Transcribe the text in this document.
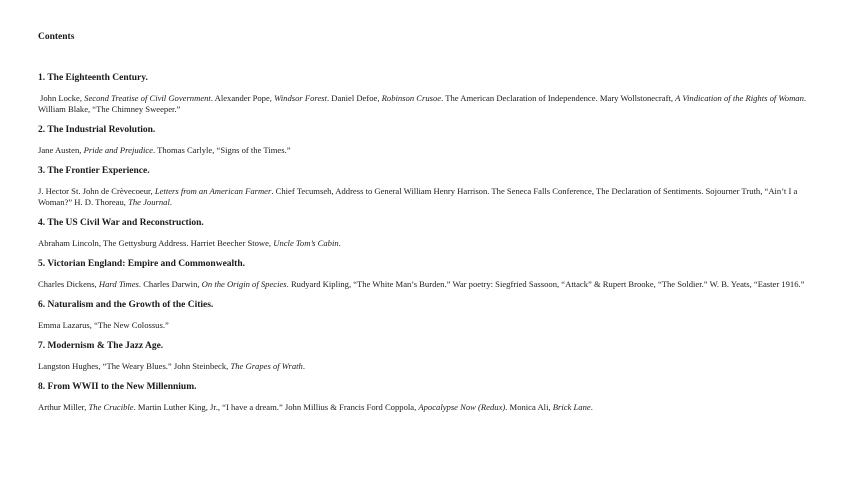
Contents
1. The Eighteenth Century.
John Locke, Second Treatise of Civil Government. Alexander Pope, Windsor Forest. Daniel Defoe, Robinson Crusoe. The American Declaration of Independence. Mary Wollstonecraft, A Vindication of the Rights of Woman. William Blake, “The Chimney Sweeper.”
2. The Industrial Revolution.
Jane Austen, Pride and Prejudice. Thomas Carlyle, “Signs of the Times.”
3. The Frontier Experience.
J. Hector St. John de Crèvecoeur, Letters from an American Farmer. Chief Tecumseh, Address to General William Henry Harrison. The Seneca Falls Conference, The Declaration of Sentiments. Sojourner Truth, “Ain’t I a Woman?” H. D. Thoreau, The Journal.
4. The US Civil War and Reconstruction.
Abraham Lincoln, The Gettysburg Address. Harriet Beecher Stowe, Uncle Tom’s Cabin.
5. Victorian England: Empire and Commonwealth.
Charles Dickens, Hard Times. Charles Darwin, On the Origin of Species. Rudyard Kipling, “The White Man’s Burden.” War poetry: Siegfried Sassoon, “Attack” & Rupert Brooke, “The Soldier.” W. B. Yeats, “Easter 1916.”
6. Naturalism and the Growth of the Cities.
Emma Lazarus, “The New Colossus.”
7. Modernism & The Jazz Age.
Langston Hughes, “The Weary Blues.” John Steinbeck, The Grapes of Wrath.
8. From WWII to the New Millennium.
Arthur Miller, The Crucible. Martin Luther King, Jr., “I have a dream.” John Millius & Francis Ford Coppola, Apocalypse Now (Redux). Monica Ali, Brick Lane.
